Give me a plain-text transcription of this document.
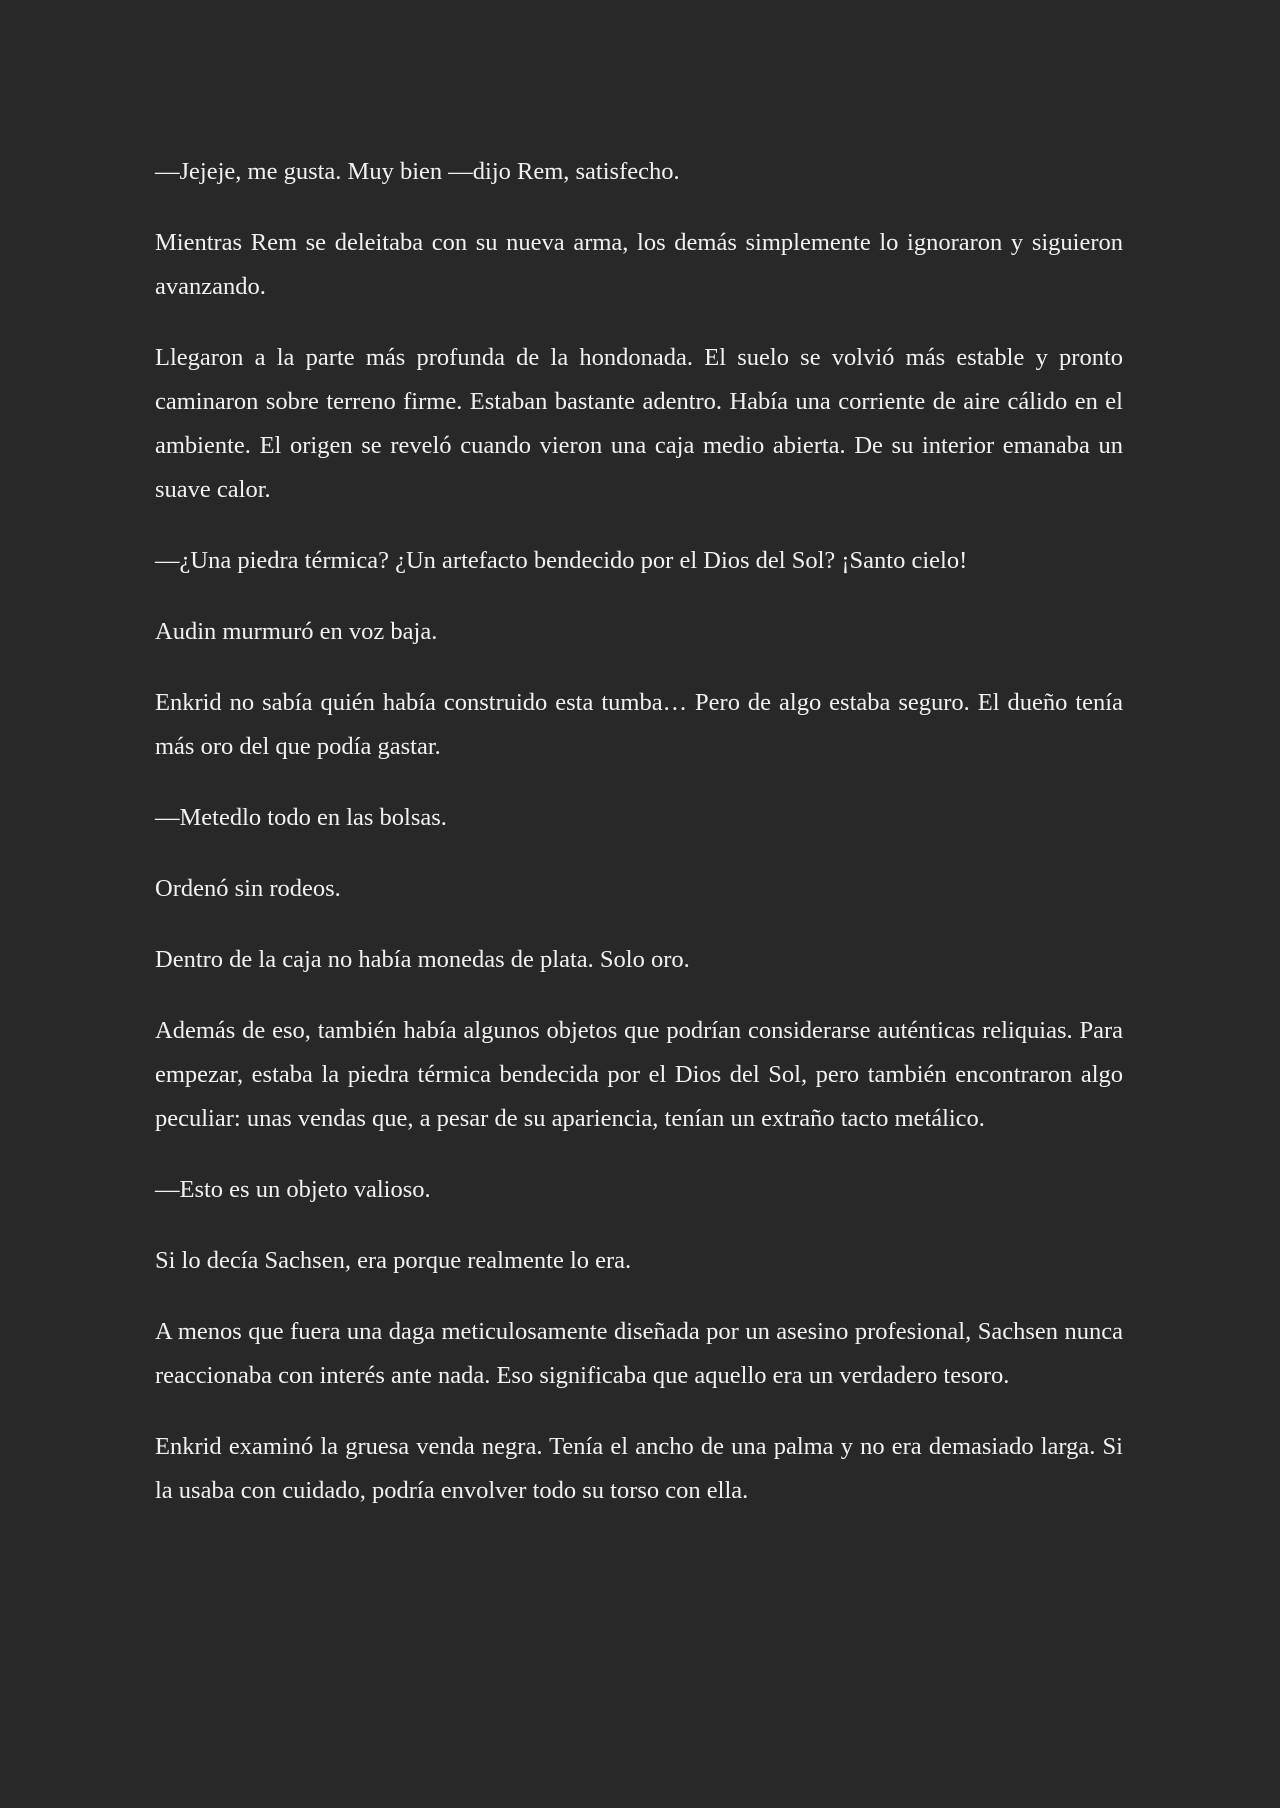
—Jejeje, me gusta. Muy bien —dijo Rem, satisfecho.

Mientras Rem se deleitaba con su nueva arma, los demás simplemente lo ignoraron y siguieron avanzando.

Llegaron a la parte más profunda de la hondonada. El suelo se volvió más estable y pronto caminaron sobre terreno firme. Estaban bastante adentro. Había una corriente de aire cálido en el ambiente. El origen se reveló cuando vieron una caja medio abierta. De su interior emanaba un suave calor.

—¿Una piedra térmica? ¿Un artefacto bendecido por el Dios del Sol? ¡Santo cielo!

Audin murmuró en voz baja.

Enkrid no sabía quién había construido esta tumba… Pero de algo estaba seguro. El dueño tenía más oro del que podía gastar.

—Metedlo todo en las bolsas.

Ordenó sin rodeos.

Dentro de la caja no había monedas de plata. Solo oro.

Además de eso, también había algunos objetos que podrían considerarse auténticas reliquias. Para empezar, estaba la piedra térmica bendecida por el Dios del Sol, pero también encontraron algo peculiar: unas vendas que, a pesar de su apariencia, tenían un extraño tacto metálico.

—Esto es un objeto valioso.

Si lo decía Sachsen, era porque realmente lo era.

A menos que fuera una daga meticulosamente diseñada por un asesino profesional, Sachsen nunca reaccionaba con interés ante nada. Eso significaba que aquello era un verdadero tesoro.

Enkrid examinó la gruesa venda negra. Tenía el ancho de una palma y no era demasiado larga. Si la usaba con cuidado, podría envolver todo su torso con ella.
